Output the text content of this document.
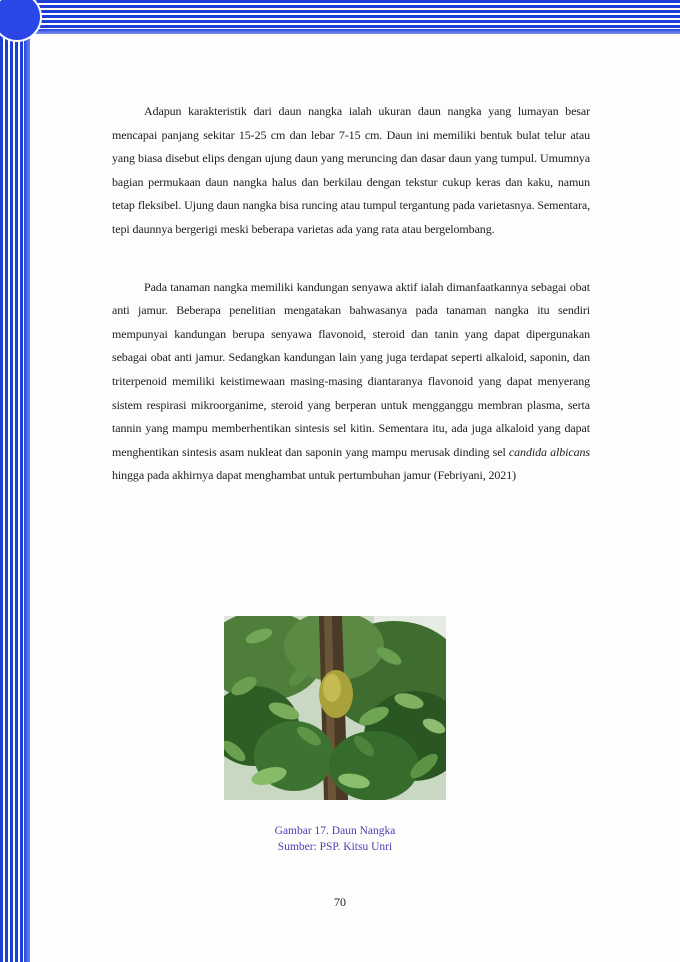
Adapun karakteristik dari daun nangka ialah ukuran daun nangka yang lumayan besar mencapai panjang sekitar 15-25 cm dan lebar 7-15 cm. Daun ini memiliki bentuk bulat telur atau yang biasa disebut elips dengan ujung daun yang meruncing dan dasar daun yang tumpul. Umumnya bagian permukaan daun nangka halus dan berkilau dengan tekstur cukup keras dan kaku, namun tetap fleksibel. Ujung daun nangka bisa runcing atau tumpul tergantung pada varietasnya. Sementara, tepi daunnya bergerigi meski beberapa varietas ada yang rata atau bergelombang.

Pada tanaman nangka memiliki kandungan senyawa aktif ialah dimanfaatkannya sebagai obat anti jamur. Beberapa penelitian mengatakan bahwasanya pada tanaman nangka itu sendiri mempunyai kandungan berupa senyawa flavonoid, steroid dan tanin yang dapat dipergunakan sebagai obat anti jamur. Sedangkan kandungan lain yang juga terdapat seperti alkaloid, saponin, dan triterpenoid memiliki keistimewaan masing-masing diantaranya flavonoid yang dapat menyerang sistem respirasi mikroorganime, steroid yang berperan untuk mengganggu membran plasma, serta tannin yang mampu memberhentikan sintesis sel kitin. Sementara itu, ada juga alkaloid yang dapat menghentikan sintesis asam nukleat dan saponin yang mampu merusak dinding sel candida albicans hingga pada akhirnya dapat menghambat untuk pertumbuhan jamur (Febriyani, 2021)

Gambar 17. Daun Nangka
Sumber: PSP. Kitsu Unri
70
